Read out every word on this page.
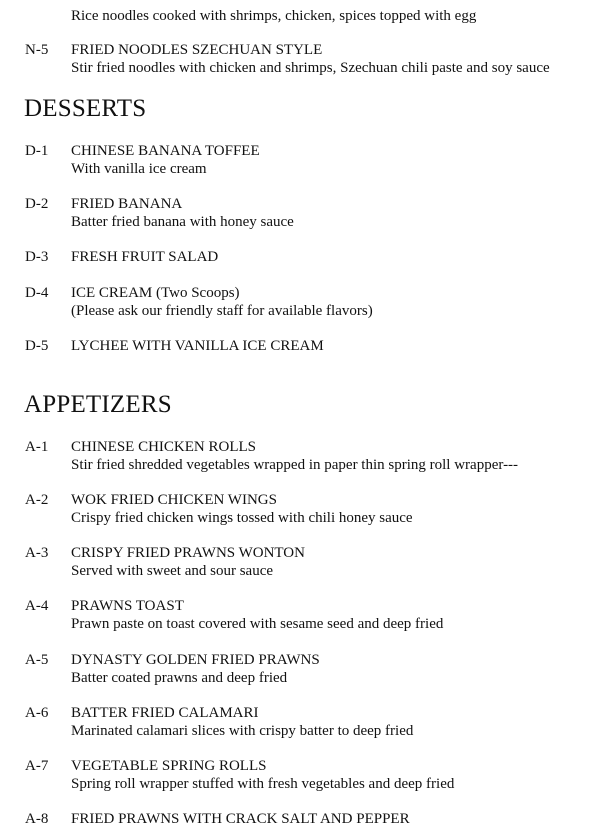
Rice noodles cooked with shrimps, chicken, spices topped with egg
N-5 FRIED NOODLES SZECHUAN STYLE
Stir fried noodles with chicken and shrimps, Szechuan chili paste and soy sauce
DESSERTS
D-1 CHINESE BANANA TOFFEE
With vanilla ice cream
D-2 FRIED BANANA
Batter fried banana with honey sauce
D-3 FRESH FRUIT SALAD
D-4 ICE CREAM (Two Scoops)
(Please ask our friendly staff for available flavors)
D-5 LYCHEE WITH VANILLA ICE CREAM
APPETIZERS
A-1 CHINESE CHICKEN ROLLS
Stir fried shredded vegetables wrapped in paper thin spring roll wrapper---
A-2 WOK FRIED CHICKEN WINGS
Crispy fried chicken wings tossed with chili honey sauce
A-3 CRISPY FRIED PRAWNS WONTON
Served with sweet and sour sauce
A-4 PRAWNS TOAST
Prawn paste on toast covered with sesame seed and deep fried
A-5 DYNASTY GOLDEN FRIED PRAWNS
Batter coated prawns and deep fried
A-6 BATTER FRIED CALAMARI
Marinated calamari slices with crispy batter to deep fried
A-7 VEGETABLE SPRING ROLLS
Spring roll wrapper stuffed with fresh vegetables and deep fried
A-8 FRIED PRAWNS WITH CRACK SALT AND PEPPER
